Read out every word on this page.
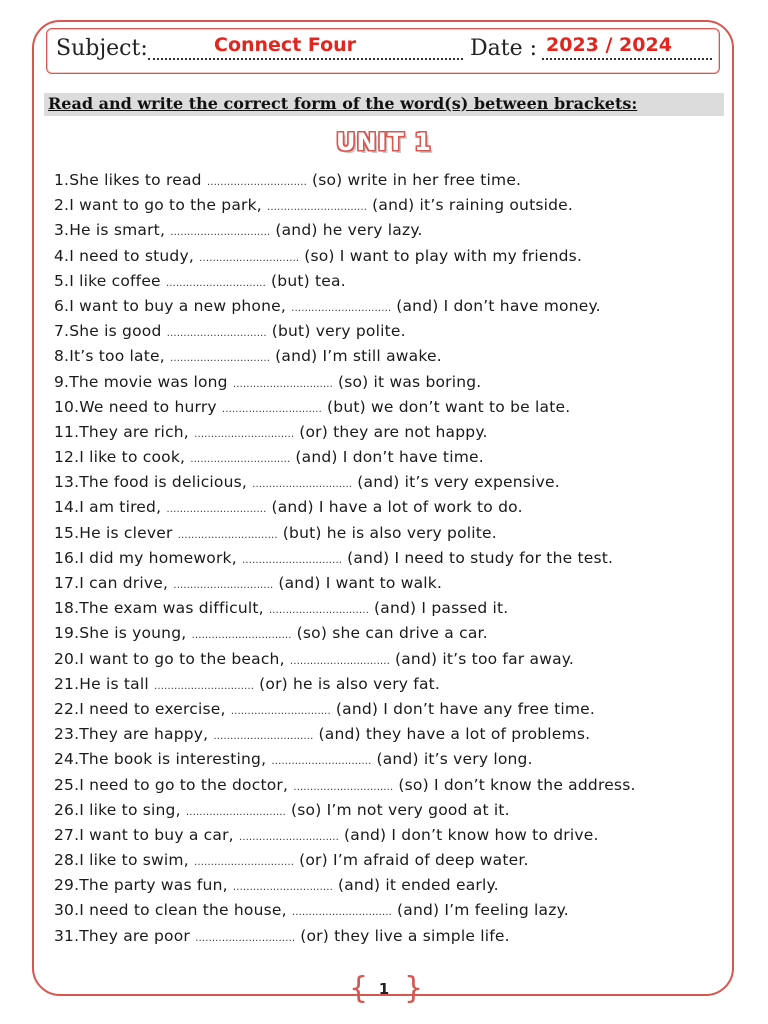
Subject:	Connect Four	Date : 2023 / 2024
Read and write the correct form of the word(s) between brackets:
UNIT 1
1.She likes to read ………………………… (so) write in her free time.
2.I want to go to the park, ………………………… (and) it’s raining outside.
3.He is smart, ………………………… (and) he very lazy.
4.I need to study, ………………………… (so) I want to play with my friends.
5.I like coffee ………………………… (but) tea.
6.I want to buy a new phone, ………………………… (and) I don’t have money.
7.She is good ………………………… (but) very polite.
8.It’s too late, ………………………… (and) I’m still awake.
9.The movie was long ………………………… (so) it was boring.
10.We need to hurry ………………………… (but) we don’t want to be late.
11.They are rich, ………………………… (or) they are not happy.
12.I like to cook, ………………………… (and) I don’t have time.
13.The food is delicious, ………………………… (and) it’s very expensive.
14.I am tired, ………………………… (and) I have a lot of work to do.
15.He is clever ………………………… (but) he is also very polite.
16.I did my homework, ………………………… (and) I need to study for the test.
17.I can drive, ………………………… (and) I want to walk.
18.The exam was difficult, ………………………… (and) I passed it.
19.She is young, ………………………… (so) she can drive a car.
20.I want to go to the beach, ………………………… (and) it’s too far away.
21.He is tall ………………………… (or) he is also very fat.
22.I need to exercise, ………………………… (and) I don’t have any free time.
23.They are happy, ………………………… (and) they have a lot of problems.
24.The book is interesting, ………………………… (and) it’s very long.
25.I need to go to the doctor, ………………………… (so) I don’t know the address.
26.I like to sing, ………………………… (so) I’m not very good at it.
27.I want to buy a car, ………………………… (and) I don’t know how to drive.
28.I like to swim, ………………………… (or) I’m afraid of deep water.
29.The party was fun, ………………………… (and) it ended early.
30.I need to clean the house, ………………………… (and) I’m feeling lazy.
31.They are poor ………………………… (or) they live a simple life.
{ 1 }
